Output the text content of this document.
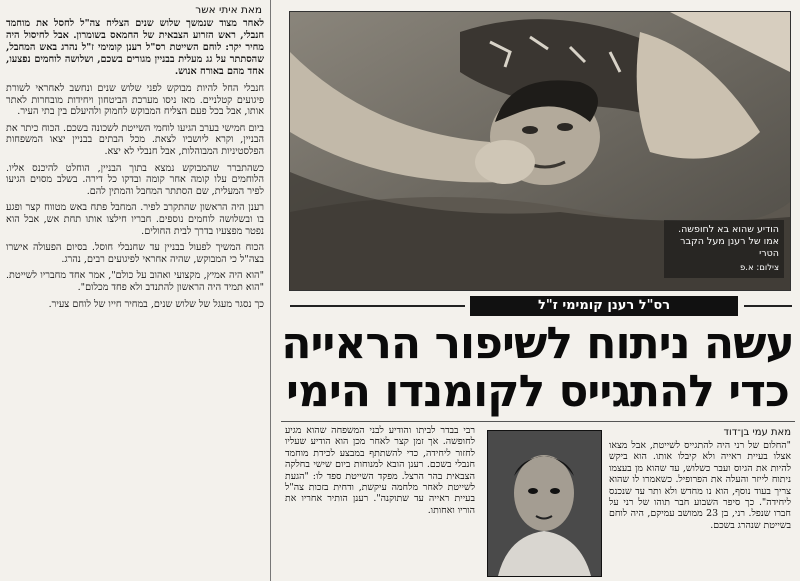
מאת איתי אשר
לאחר מצוד שנמשך שלוש שנים הצליח צה"ל לחסל את מוחמד חנבלי, ראש הזרוע הצבאית של החמאס בשומרון. אבל לחיסול היה מחיר יקר: לוחם השייטת רס"ל רענן קומימי ז"ל נהרג באש המחבל, שהסתתר על גג מעלית בבניין מגורים בשכם, ושלושה לוחמים נפצעו, אחד מהם באורח אנוש.

חנבלי החל להיות מבוקש לפני שלוש שנים ונחשב לאחראי לשורת פיגועים קטלניים. מאז ניסו מערכת הביטחון ויחידות מובחרות לאתר אותו, אבל בכל פעם הצליח המבוקש לחמוק ולהיעלם בין בתי העיר.

ביום חמישי בערב הגיעו לוחמי השייטת לשכונה בשכם. הכוח כיתר את הבניין, וקרא ליושביו לצאת. מכל הבתים בבניין יצאו המשפחות הפלסטיניות המבוהלות, אבל חנבלי לא יצא.

כשהתברר שהמבוקש נמצא בתוך הבניין, הוחלט להיכנס אליו. הלוחמים עלו קומה אחר קומה ובדקו כל דירה. בשלב מסוים הגיעו לפיר המעלית, שם הסתתר המחבל והמתין להם.

רענן היה הראשון שהתקרב לפיר. המחבל פתח באש מטווח קצר ופגע בו ובשלושה לוחמים נוספים. חבריו חילצו אותו תחת אש, אבל הוא נפטר מפצעיו בדרך לבית החולים.

הכוח המשיך לפעול בבניין עד שחנבלי חוסל. בסיום הפעולה אישרו בצה"ל כי המבוקש, שהיה אחראי לפיגועים רבים, נהרג.

"הוא היה אמיץ, מקצועי ואהוב על כולם", אמר אחד מחבריו לשייטת. "הוא תמיד היה הראשון להתנדב ולא פחד מכלום".

כך נסגר מעגל של שלוש שנים, במחיר חייו של לוחם צעיר.

הודיע שהוא בא לחופשה. אמו של רענן מעל הקבר הטרי
צילום: א.פ
רס"ל רענן קומימי ז"ל
עשה ניתוח לשיפור הראייה
כדי להתגייס לקומנדו הימי
רבי בבדר לביתו והודיע לבני המשפחה שהוא מגיע לחופשה. אך זמן קצר לאחר מכן הוא הודיע שעליו לחזור ליחידה, כדי להשתתף במבצע לכידת מוחמד חנבלי בשכם. רענן הובא למנוחות ביום שישי בחלקה הצבאית בהר הרצל. מפקד השייטת ספד לו: "הגעת לשייטת לאחר מלחמה עיקשת, ודחית בזכות צה"ל בעיית ראייה עד שתוקנה". רענן הותיר אחריו את הוריו ואחותו.
מאת עמי בן־דוד
"החלום של רני היה להתגייס לשייטת, אבל מצאו אצלו בעיית ראייה ולא קיבלו אותו. הוא ביקש להיות את הגיוס ועבר כשלוש, עד שהוא מן בעצמו ניתוח לייזר והעלה את הפרופיל. כשאמרו לו שהוא צריך בעוד נוסף, הוא נו מחדש ולא ותר עד שנכנס ליחידה". כך סיפר השבוע חבר תוהו של רני על חברו שנפל. רני, בן 23 ממושב עמיקם, היה לוחם בשייטת שנהרג בשכם.
